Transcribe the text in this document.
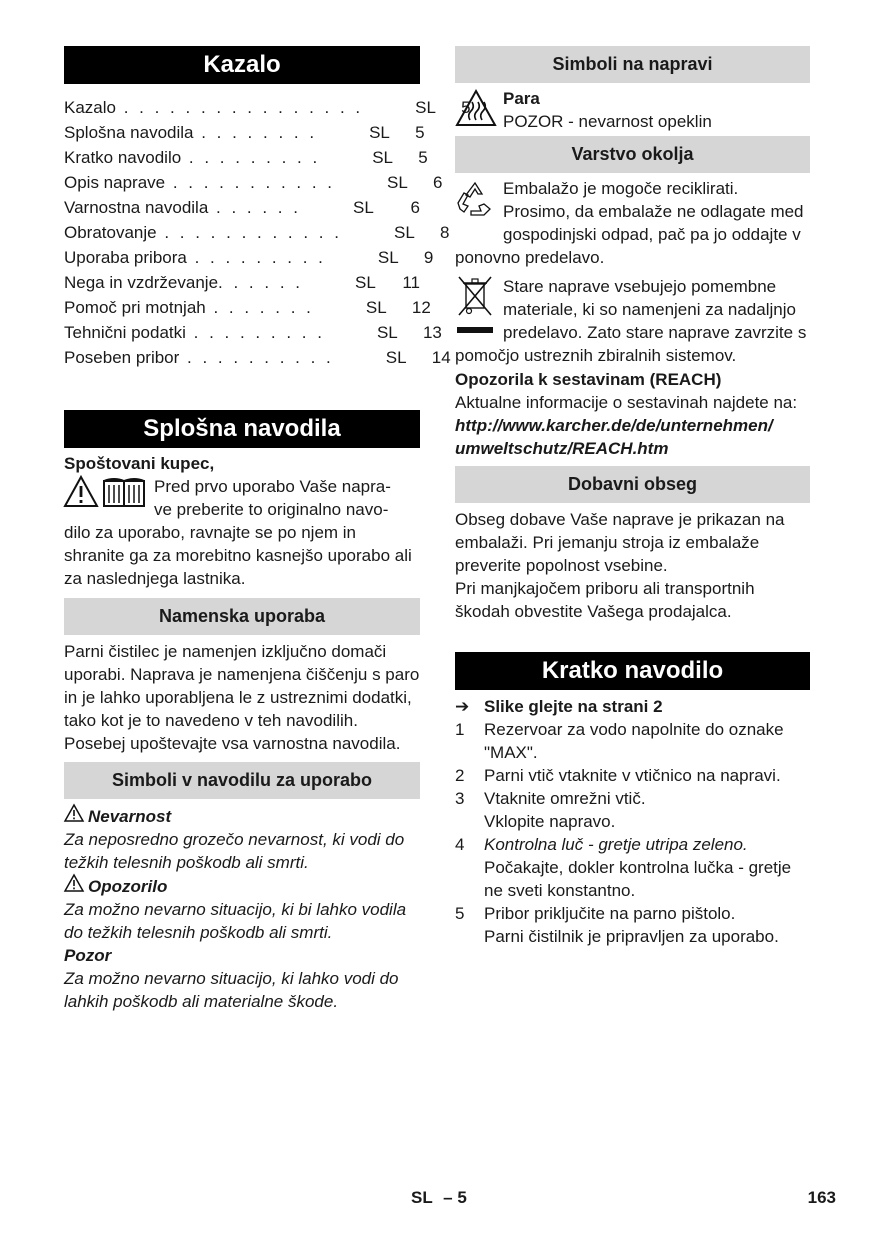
Kazalo
Kazalo . . . . . . . . . . . . . . . .	SL	5
Splošna navodila . . . . . . . .	SL	5
Kratko navodilo . . . . . . . . .	SL	5
Opis naprave . . . . . . . . . . .	SL	6
Varnostna navodila . . . . . .	SL	6
Obratovanje . . . . . . . . . . . .	SL	8
Uporaba pribora . . . . . . . . .	SL	9
Nega in vzdrževanje. . . . . .	SL	11
Pomoč pri motnjah . . . . . . .	SL	12
Tehnični podatki . . . . . . . . .	SL	13
Poseben pribor . . . . . . . . . .	SL	14
Splošna navodila

Spoštovani kupec,

Pred prvo uporabo Vaše napra-

ve preberite to originalno navo-

dilo za uporabo, ravnajte se po njem in shranite ga za morebitno kasnejšo uporabo ali za naslednjega lastnika.

Namenska uporaba

Parni čistilec je namenjen izključno domači uporabi. Naprava je namenjena čiščenju s paro in je lahko uporabljena le z ustreznimi dodatki, tako kot je to navedeno v teh navodilih. Posebej upoštevajte vsa varnostna navodila.

Simboli v navodilu za uporabo
Nevarnost

Za neposredno grozečo nevarnost, ki vodi do težkih telesnih poškodb ali smrti.

Opozorilo

Za možno nevarno situacijo, ki bi lahko vodila do težkih telesnih poškodb ali smrti.

Pozor

Za možno nevarno situacijo, ki lahko vodi do lahkih poškodb ali materialne škode.

Simboli na napravi

Para

POZOR - nevarnost opeklin

Varstvo okolja

Embalažo je mogoče reciklirati. Prosimo, da embalaže ne odlagate med gospodinjski odpad, pač pa jo oddajte v ponovno predelavo.

Stare naprave vsebujejo pomembne materiale, ki so namenjeni za nadaljnjo predelavo. Zato stare naprave zavrzite s pomočjo ustreznih zbiralnih sistemov.

Opozorila k sestavinam (REACH)

Aktualne informacije o sestavinah najdete na:

http://www.karcher.de/de/unternehmen/

umweltschutz/REACH.htm

Dobavni obseg

Obseg dobave Vaše naprave je prikazan na embalaži. Pri jemanju stroja iz embalaže preverite popolnost vsebine.

Pri manjkajočem priboru ali transportnih škodah obvestite Vašega prodajalca.

Kratko navodilo
➔ Slike glejte na strani 2
1	Rezervoar za vodo napolnite do oznake "MAX".
2	Parni vtič vtaknite v vtičnico na napravi.
3	Vtaknite omrežni vtič.
Vklopite napravo.
4	Kontrolna luč - gretje utripa zeleno.
Počakajte, dokler kontrolna lučka - gretje ne sveti konstantno.
5	Pribor priključite na parno pištolo.
Parni čistilnik je pripravljen za uporabo.
SL – 5	163
